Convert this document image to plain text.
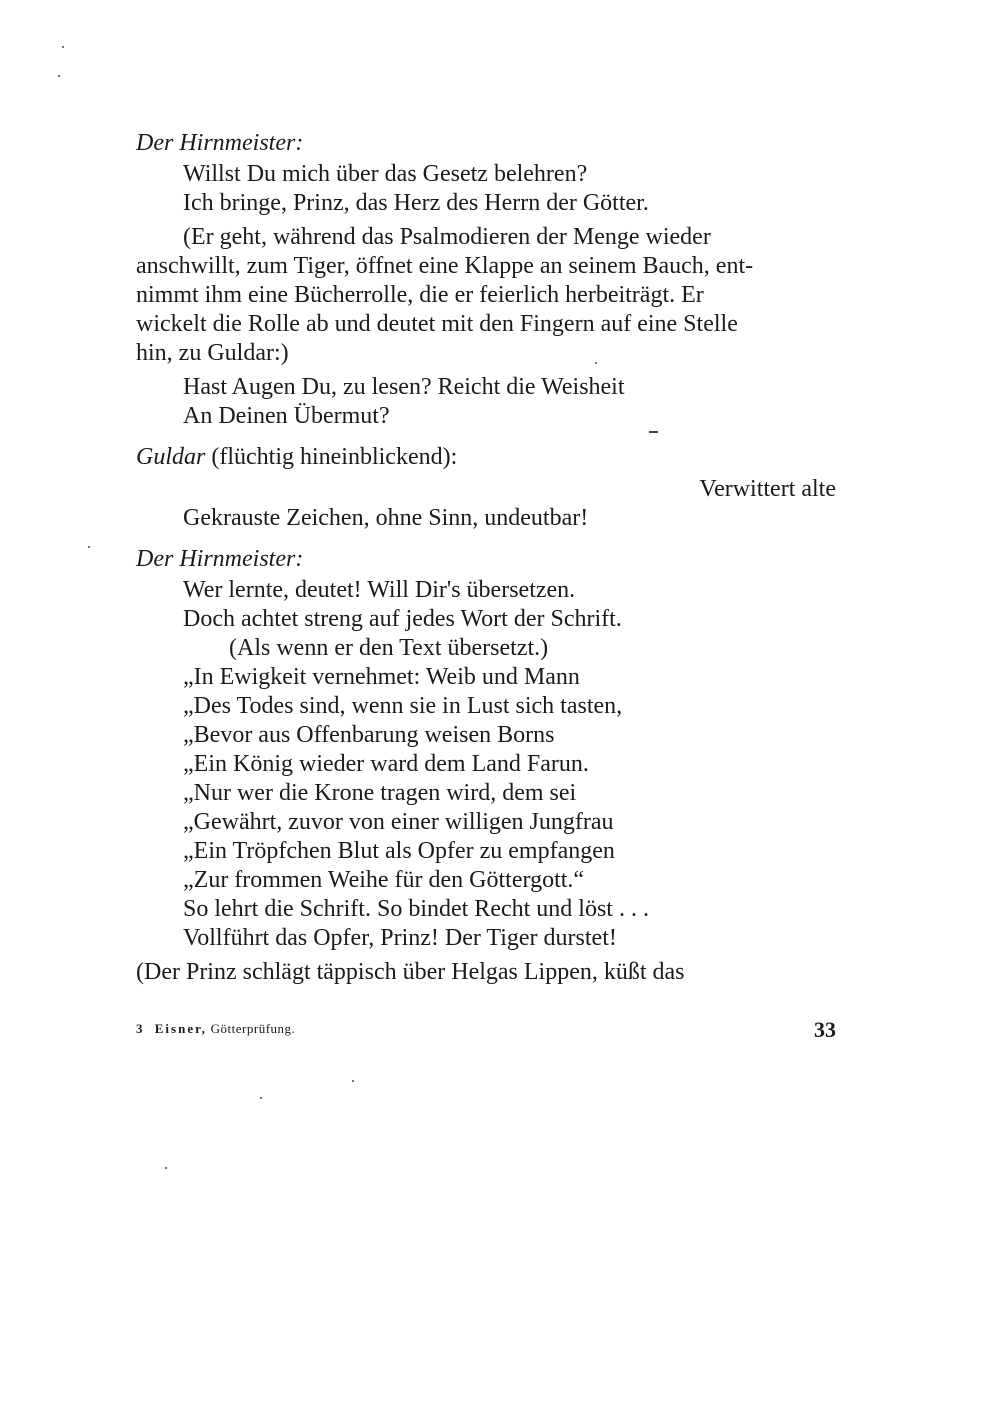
Der Hirnmeister:
Willst Du mich über das Gesetz belehren?
Ich bringe, Prinz, das Herz des Herrn der Götter.
(Er geht, während das Psalmodieren der Menge wieder
anschwillt, zum Tiger, öffnet eine Klappe an seinem Bauch, ent-
nimmt ihm eine Bücherrolle, die er feierlich herbeiträgt. Er
wickelt die Rolle ab und deutet mit den Fingern auf eine Stelle
hin, zu Guldar:)
Hast Augen Du, zu lesen? Reicht die Weisheit
An Deinen Übermut?
Guldar (flüchtig hineinblickend):
Verwittert alte
Gekrauste Zeichen, ohne Sinn, undeutbar!
Der Hirnmeister:
Wer lernte, deutet! Will Dir's übersetzen.
Doch achtet streng auf jedes Wort der Schrift.
(Als wenn er den Text übersetzt.)
„In Ewigkeit vernehmet: Weib und Mann
„Des Todes sind, wenn sie in Lust sich tasten,
„Bevor aus Offenbarung weisen Borns
„Ein König wieder ward dem Land Farun.
„Nur wer die Krone tragen wird, dem sei
„Gewährt, zuvor von einer willigen Jungfrau
„Ein Tröpfchen Blut als Opfer zu empfangen
„Zur frommen Weihe für den Göttergott.“
So lehrt die Schrift. So bindet Recht und löst . . .
Vollführt das Opfer, Prinz! Der Tiger durstet!
(Der Prinz schlägt täppisch über Helgas Lippen, küßt das
3 Eisner, Götterprüfung.	33
